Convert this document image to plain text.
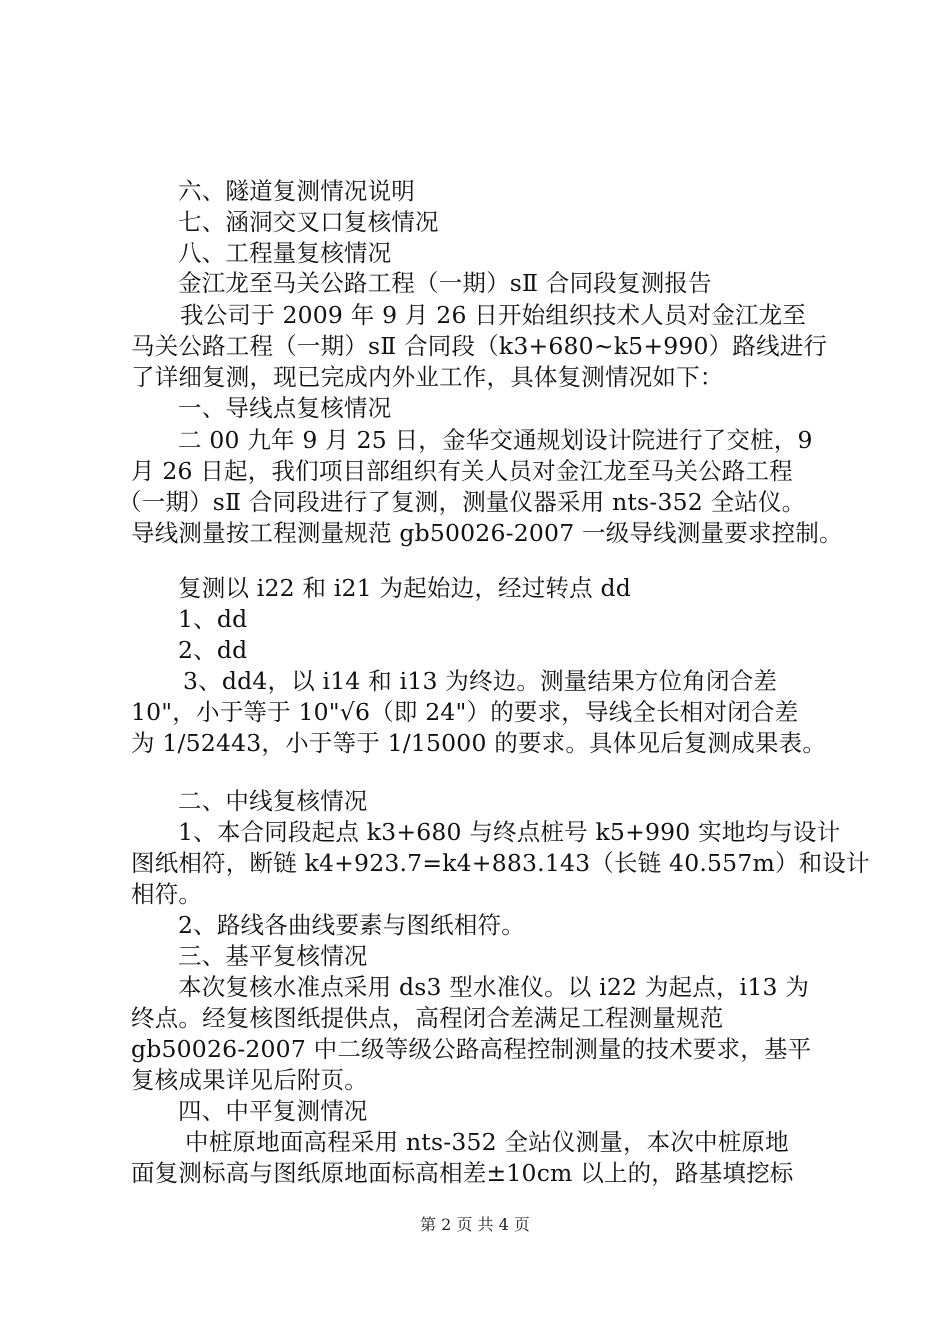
六、隧道复测情况说明
七、涵洞交叉口复核情况
八、工程量复核情况
金江龙至马关公路工程（一期）sⅡ 合同段复测报告
我公司于 2009 年 9 月 26 日开始组织技术人员对金江龙至
马关公路工程（一期）sⅡ 合同段（k3+680~k5+990）路线进行
了详细复测，现已完成内外业工作，具体复测情况如下：
一、导线点复核情况
二 00 九年 9 月 25 日，金华交通规划设计院进行了交桩，9
月 26 日起，我们项目部组织有关人员对金江龙至马关公路工程
（一期）sⅡ 合同段进行了复测，测量仪器采用 nts-352 全站仪。
导线测量按工程测量规范 gb50026-2007 一级导线测量要求控制。
复测以 i22 和 i21 为起始边，经过转点 dd
1、dd
2、dd
3、dd4，以 i14 和 i13 为终边。测量结果方位角闭合差
10"，小于等于 10"√6（即 24"）的要求，导线全长相对闭合差
为 1/52443，小于等于 1/15000 的要求。具体见后复测成果表。
二、中线复核情况
1、本合同段起点 k3+680 与终点桩号 k5+990 实地均与设计
图纸相符，断链 k4+923.7=k4+883.143（长链 40.557m）和设计
相符。
2、路线各曲线要素与图纸相符。
三、基平复核情况
本次复核水准点采用 ds3 型水准仪。以 i22 为起点，i13 为
终点。经复核图纸提供点，高程闭合差满足工程测量规范
gb50026-2007 中二级等级公路高程控制测量的技术要求，基平
复核成果详见后附页。
四、中平复测情况
中桩原地面高程采用 nts-352 全站仪测量，本次中桩原地
面复测标高与图纸原地面标高相差±10cm 以上的，路基填挖标
第 2 页 共 4 页
